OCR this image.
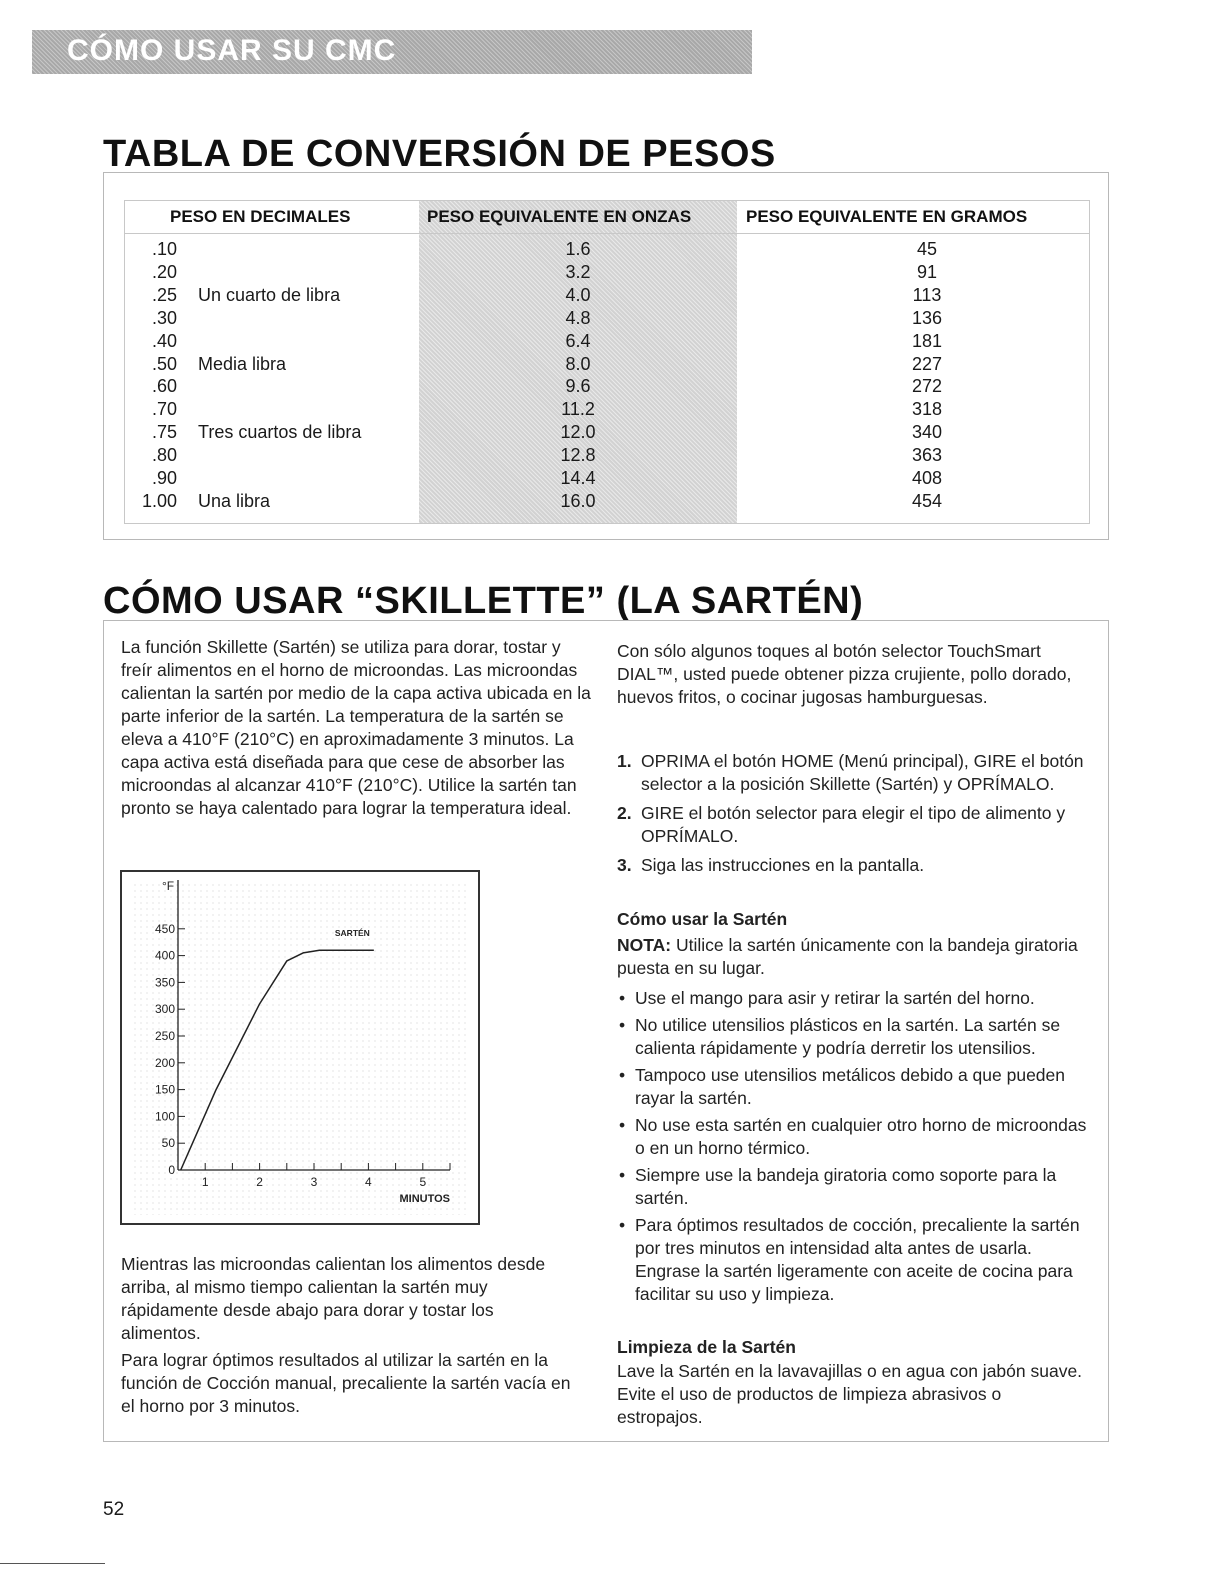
CÓMO USAR SU CMC
TABLA DE CONVERSIÓN DE PESOS
PESO EN DECIMALES	PESO EQUIVALENTE EN ONZAS	PESO EQUIVALENTE EN GRAMOS
.10	1.6	45
.20	3.2	91
.25 Un cuarto de libra	4.0	113
.30	4.8	136
.40	6.4	181
.50 Media libra	8.0	227
.60	9.6	272
.70	11.2	318
.75 Tres cuartos de libra	12.0	340
.80	12.8	363
.90	14.4	408
1.00 Una libra	16.0	454
CÓMO USAR “SKILLETTE” (LA SARTÉN)
La función Skillette (Sartén) se utiliza para dorar, tostar y freír alimentos en el horno de microondas. Las microondas calientan la sartén por medio de la capa activa ubicada en la parte inferior de la sartén. La temperatura de la sartén se eleva a 410°F (210°C) en aproximadamente 3 minutos. La capa activa está diseñada para que cese de absorber las microondas al alcanzar 410°F (210°C). Utilice la sartén tan pronto se haya calentado para lograr la temperatura ideal.
°F
0
50
100
150
200
250
300
350
400
450
1	2	3	4	5
MINUTOS
SARTÉN
Mientras las microondas calientan los alimentos desde arriba, al mismo tiempo calientan la sartén muy rápidamente desde abajo para dorar y tostar los alimentos.
Para lograr óptimos resultados al utilizar la sartén en la función de Cocción manual, precaliente la sartén vacía en el horno por 3 minutos.
Con sólo algunos toques al botón selector TouchSmart DIAL™, usted puede obtener pizza crujiente, pollo dorado, huevos fritos, o cocinar jugosas hamburguesas.
1. OPRIMA el botón HOME (Menú principal), GIRE el botón selector a la posición Skillette (Sartén) y OPRÍMALO.
2. GIRE el botón selector para elegir el tipo de alimento y OPRÍMALO.
3. Siga las instrucciones en la pantalla.
Cómo usar la Sartén
NOTA: Utilice la sartén únicamente con la bandeja giratoria puesta en su lugar.
• Use el mango para asir y retirar la sartén del horno.
• No utilice utensilios plásticos en la sartén. La sartén se calienta rápidamente y podría derretir los utensilios.
• Tampoco use utensilios metálicos debido a que pueden rayar la sartén.
• No use esta sartén en cualquier otro horno de microondas o en un horno térmico.
• Siempre use la bandeja giratoria como soporte para la sartén.
• Para óptimos resultados de cocción, precaliente la sartén por tres minutos en intensidad alta antes de usarla. Engrase la sartén ligeramente con aceite de cocina para facilitar su uso y limpieza.
Limpieza de la Sartén
Lave la Sartén en la lavavajillas o en agua con jabón suave. Evite el uso de productos de limpieza abrasivos o estropajos.
52
